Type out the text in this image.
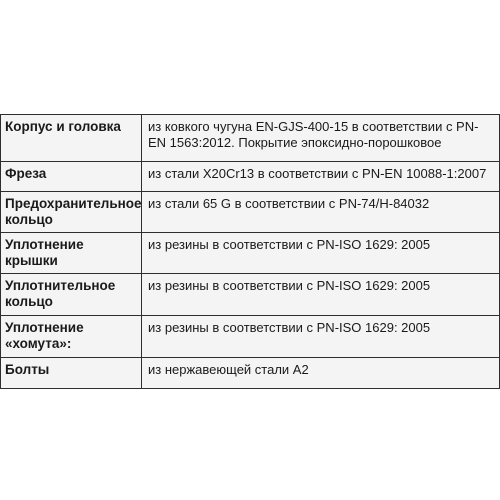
Корпус и головка	из ковкого чугуна EN-GJS-400-15 в соответствии с PN-EN 1563:2012. Покрытие эпоксидно-порошковое
Фреза	из стали X20Cr13 в соответствии с PN-EN 10088-1:2007
Предохранительное кольцо	из стали 65 G в соответствии с PN-74/H-84032
Уплотнение крышки	из резины в соответствии с PN-ISO 1629: 2005
Уплотнительное кольцо	из резины в соответствии с PN-ISO 1629: 2005
Уплотнение «хомута»:	из резины в соответствии с PN-ISO 1629: 2005
Болты	из нержавеющей стали А2
